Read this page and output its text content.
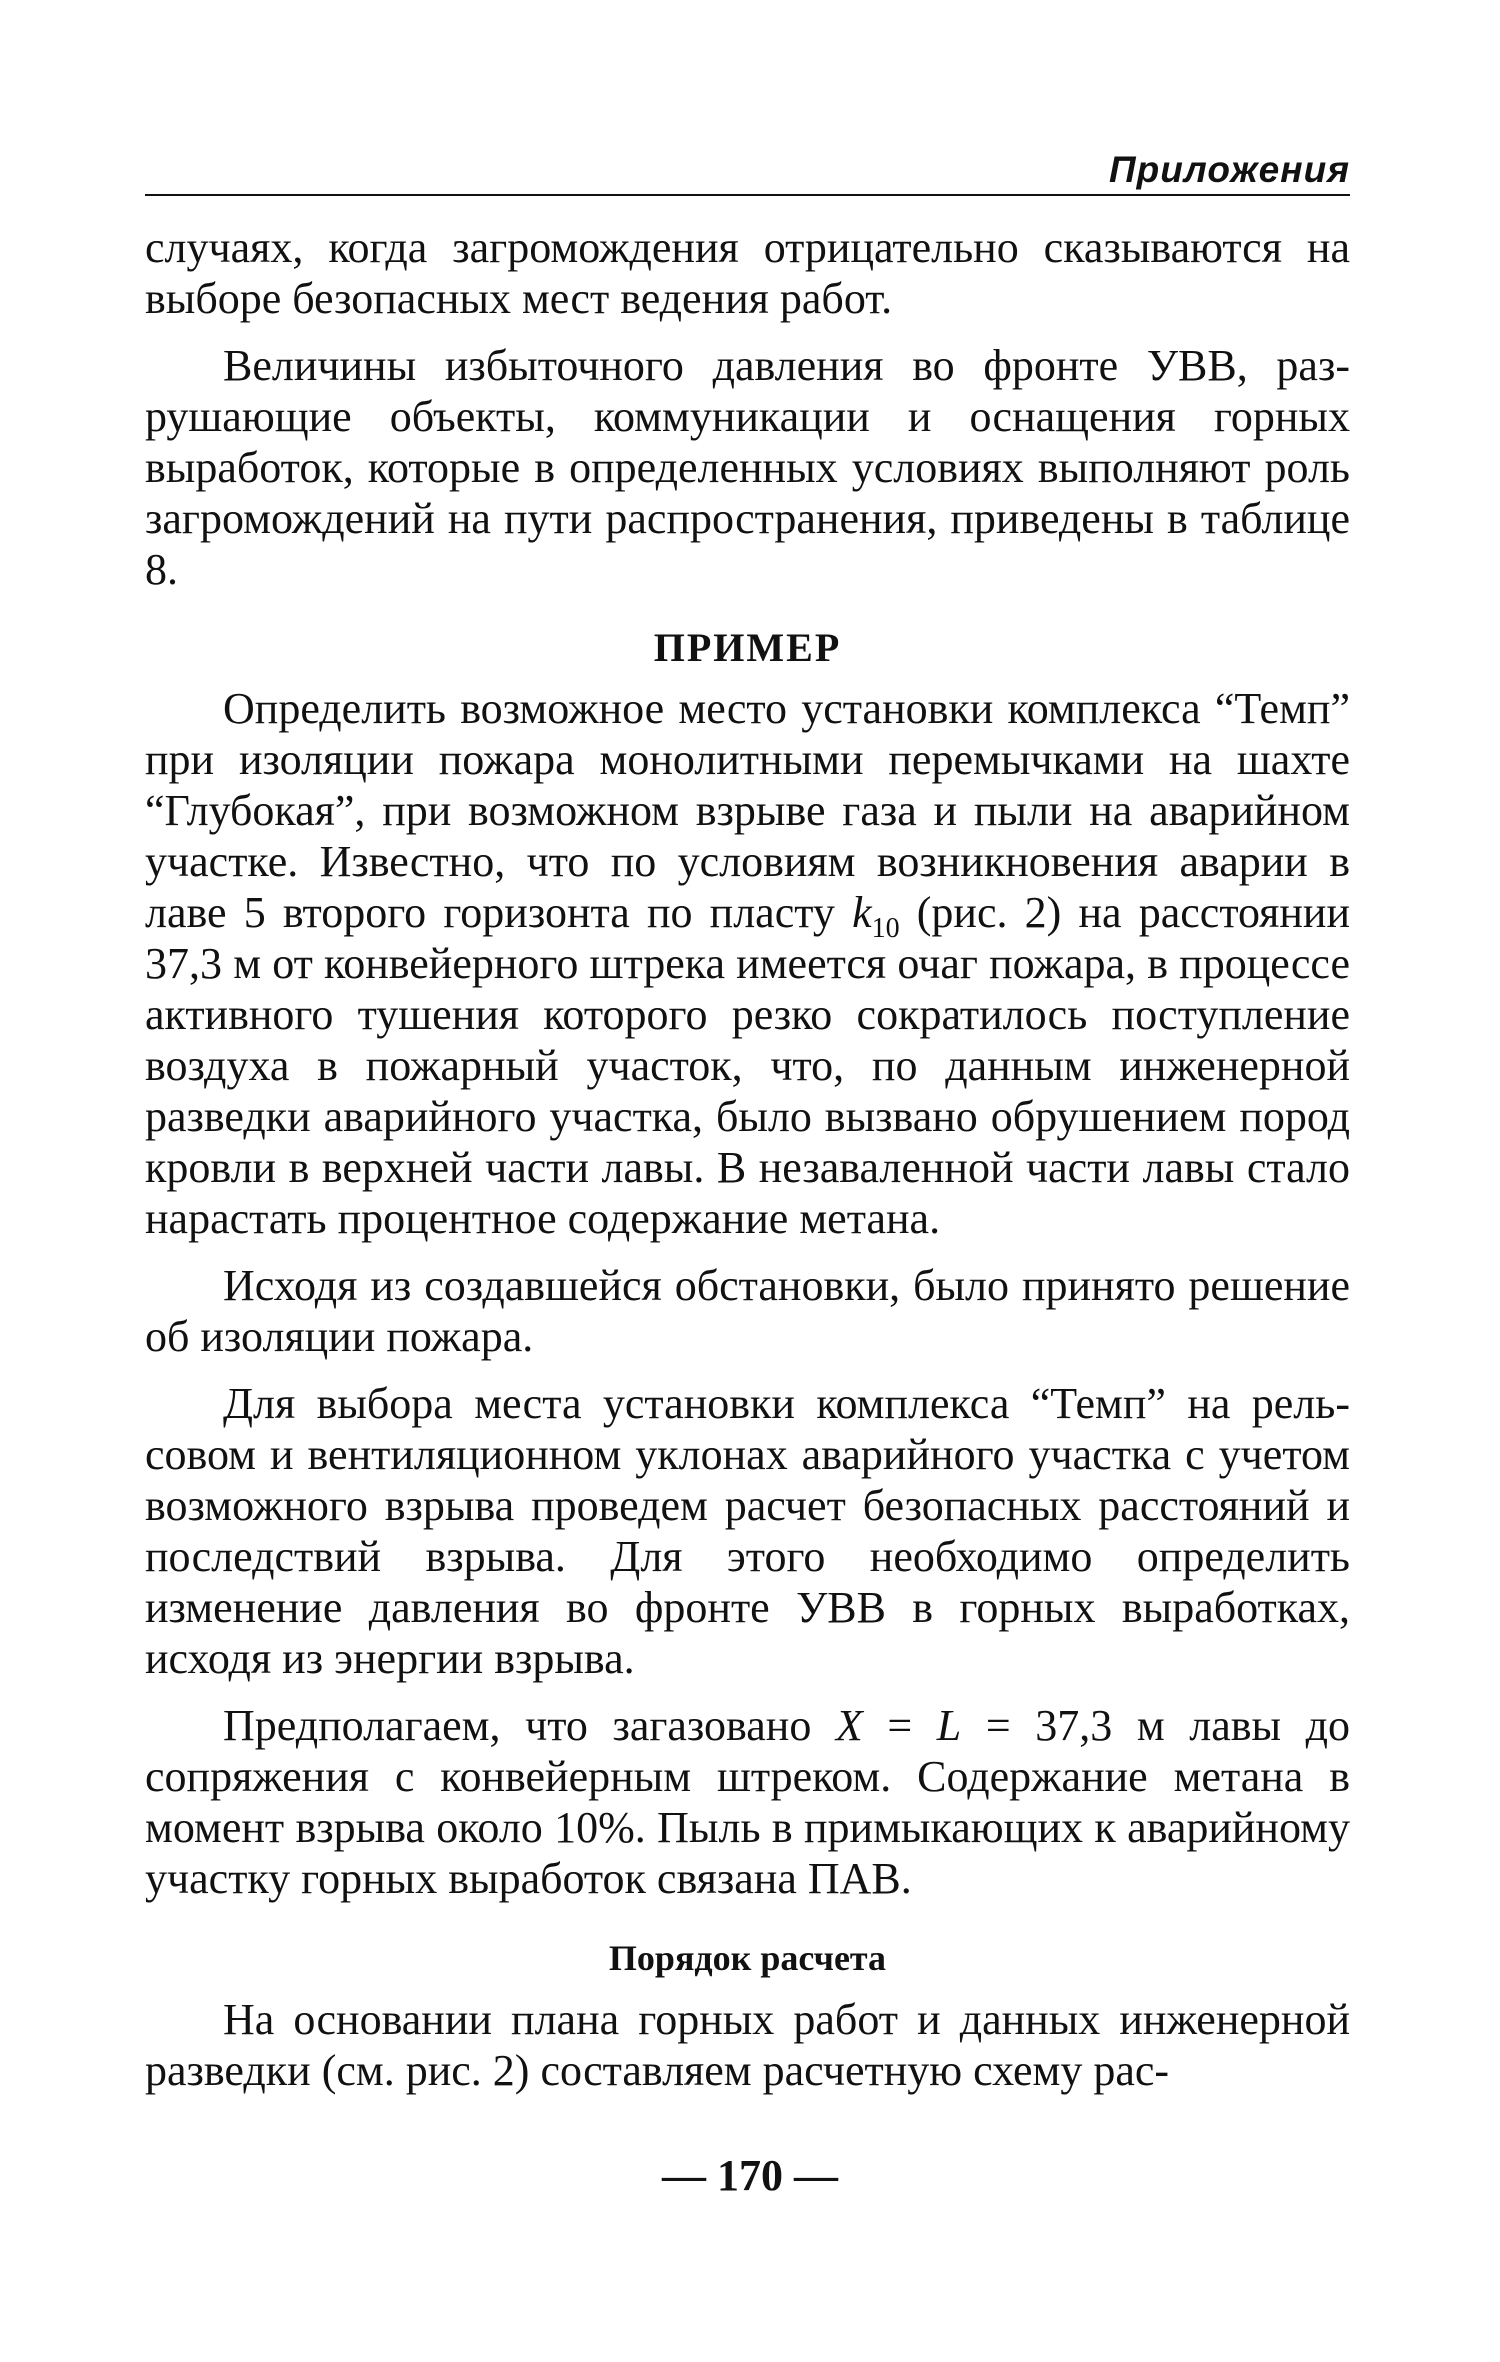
Приложения

случаях, когда загромождения отрицательно сказываются на выборе безопасных мест ведения работ.

Величины избыточного давления во фронте УВВ, разрушающие объекты, коммуникации и оснащения горных выработок, которые в определенных условиях выполняют роль загромождений на пути распространения, приведены в таблице 8.

ПРИМЕР

Определить возможное место установки комплекса “Темп” при изоляции пожара монолитными перемычками на шахте “Глубокая”, при возможном взрыве газа и пыли на аварийном участке. Известно, что по условиям возникновения аварии в лаве 5 второго горизонта по пласту $k_{10}$ (рис. 2) на расстоянии 37,3 м от конвейерного штрека имеется очаг пожара, в процессе активного тушения которого резко сократилось поступление воздуха в пожарный участок, что, по данным инженерной разведки аварийного участка, было вызвано обрушением пород кровли в верхней части лавы. В незаваленной части лавы стало нарастать процентное содержание метана.

Исходя из создавшейся обстановки, было принято решение об изоляции пожара.

Для выбора места установки комплекса “Темп” на рельсовом и вентиляционном уклонах аварийного участка с учетом возможного взрыва проведем расчет безопасных расстояний и последствий взрыва. Для этого необходимо определить изменение давления во фронте УВВ в горных выработках, исходя из энергии взрыва.

Предполагаем, что загазовано X = L = 37,3 м лавы до сопряжения с конвейерным штреком. Содержание метана в момент взрыва около 10%. Пыль в примыкающих к аварийному участку горных выработок связана ПАВ.

Порядок расчета

На основании плана горных работ и данных инженерной разведки (см. рис. 2) составляем расчетную схему рас-

— 170 —
